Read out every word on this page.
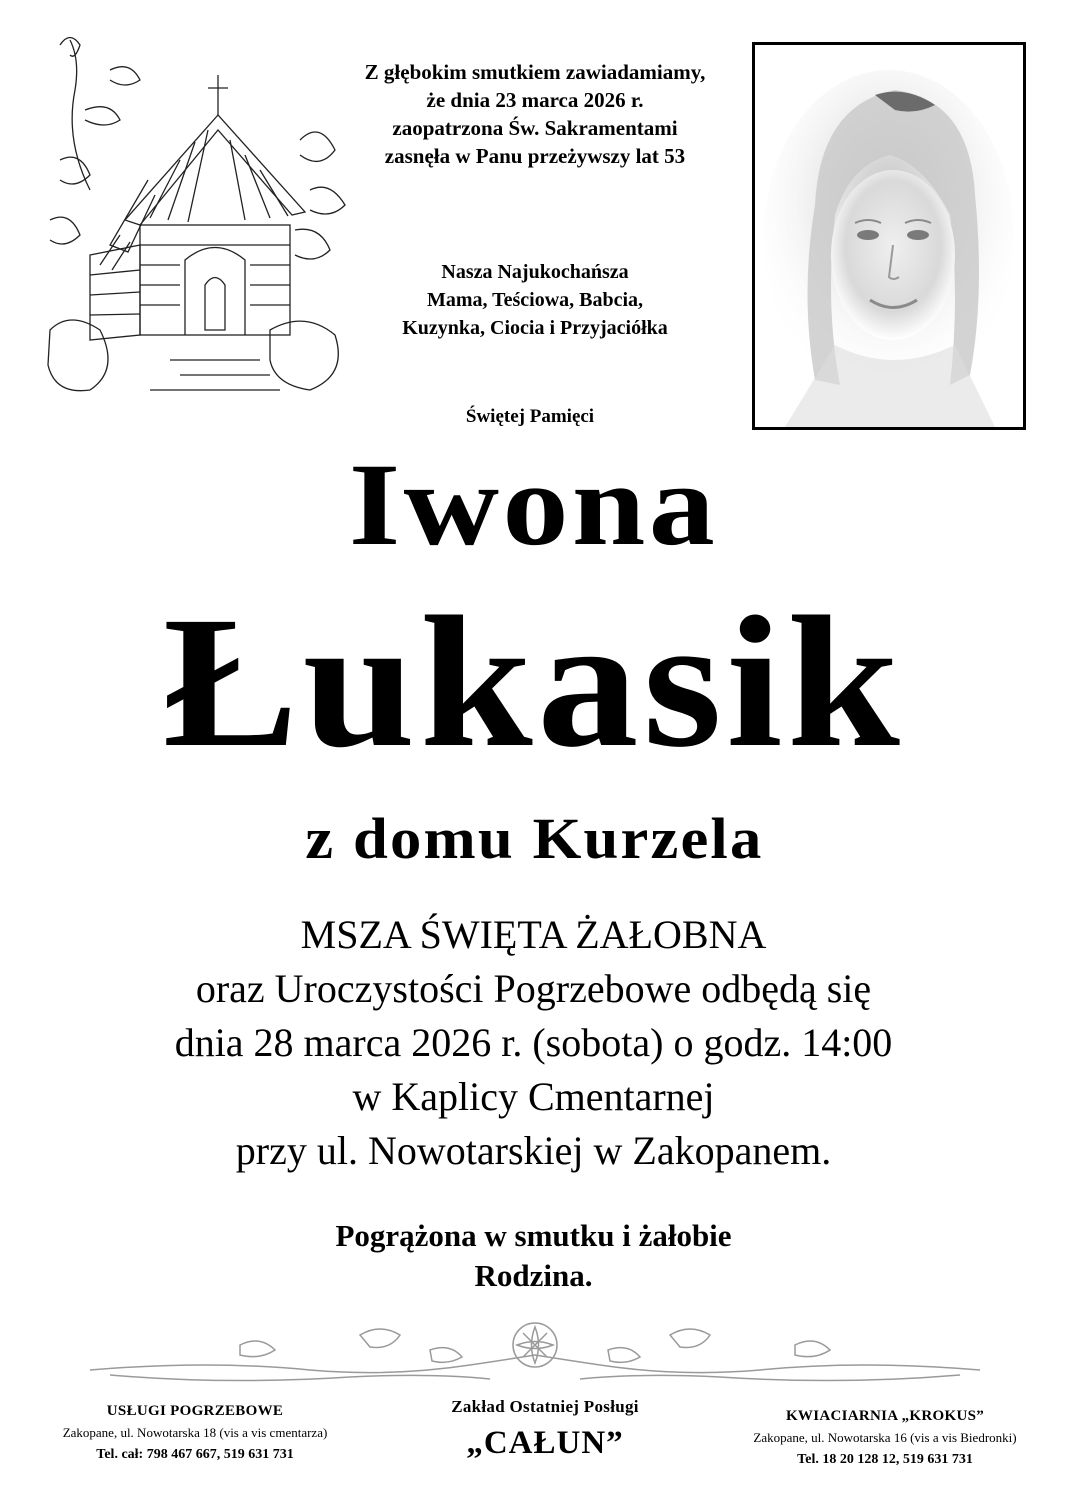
Z głębokim smutkiem zawiadamiamy,
że dnia 23 marca 2026 r.
zaopatrzona Św. Sakramentami
zasnęła w Panu przeżywszy lat 53
Nasza Najukochańsza
Mama, Teściowa, Babcia,
Kuzynka, Ciocia i Przyjaciółka
Świętej Pamięci
Iwona
Łukasik
z domu Kurzela
MSZA ŚWIĘTA ŻAŁOBNA
oraz Uroczystości Pogrzebowe odbędą się
dnia 28 marca 2026 r. (sobota) o godz. 14:00
w Kaplicy Cmentarnej
przy ul. Nowotarskiej w Zakopanem.
Pogrążona w smutku i żałobie
Rodzina.
USŁUGI POGRZEBOWE
Zakopane, ul. Nowotarska 18 (vis a vis cmentarza)
Tel. cał: 798 467 667, 519 631 731
Zakład Ostatniej Posługi
„CAŁUN”
KWIACIARNIA „KROKUS”
Zakopane, ul. Nowotarska 16 (vis a vis Biedronki)
Tel. 18 20 128 12, 519 631 731
